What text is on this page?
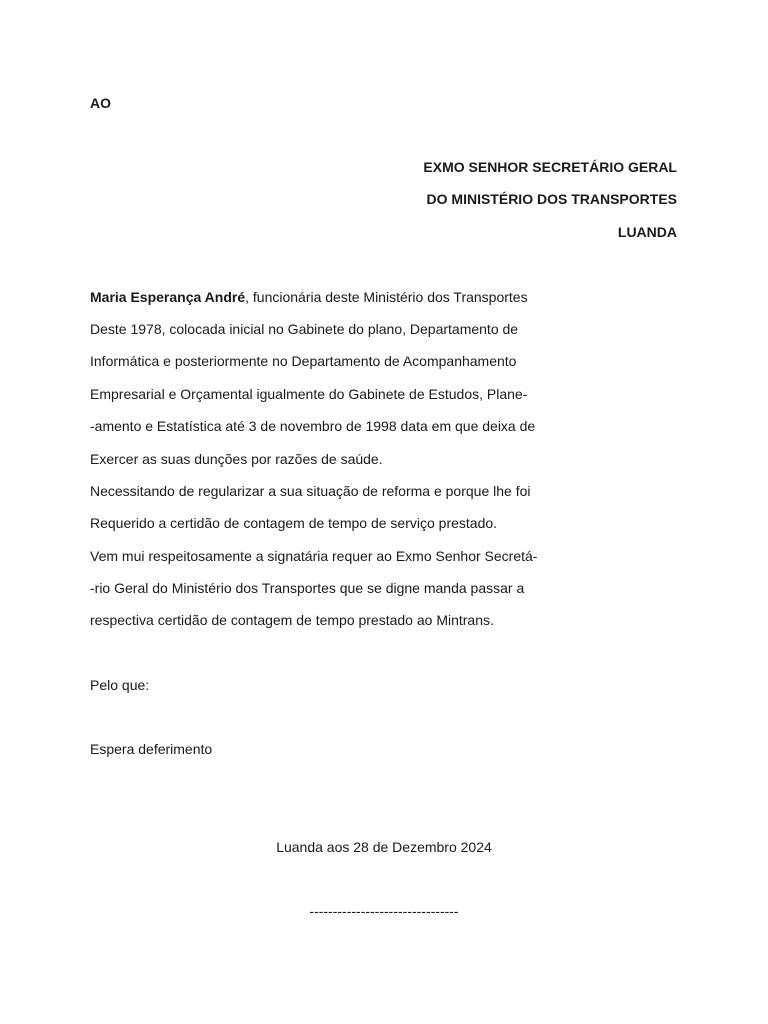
AO
EXMO SENHOR SECRETÁRIO GERAL
DO MINISTÉRIO DOS TRANSPORTES
LUANDA
Maria Esperança André, funcionária deste Ministério dos Transportes
Deste 1978, colocada inicial no Gabinete do plano, Departamento de
Informática e posteriormente no Departamento de Acompanhamento
Empresarial e Orçamental igualmente do Gabinete de Estudos, Plane-
-amento e Estatística até 3 de novembro de 1998 data em que deixa de
Exercer as suas dunções por razões de saúde.
Necessitando de regularizar a sua situação de reforma e porque lhe foi
Requerido a certidão de contagem de tempo de serviço prestado.
Vem mui respeitosamente a signatária requer ao Exmo Senhor Secretá-
-rio Geral do Ministério dos Transportes que se digne manda passar a
respectiva certidão de contagem de tempo prestado ao Mintrans.
Pelo que:
Espera deferimento
Luanda aos 28 de Dezembro 2024
--------------------------------
